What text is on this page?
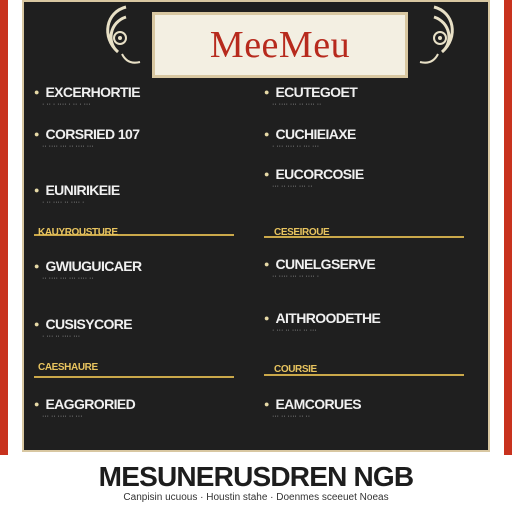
MeeMeu
● EXCERHORTIE
· ·· · ···· · ·· · ···
● CORSRIED 107
·· ···· ··· ·· ···· ···
● EUNIRIKEIE
· ·· ···· ·· ···· ·
KAUYROUSTURE
● GWIUGUICAER
·· ···· ··· ··· ···· ··
● CUSISYCORE
· ··· ·· ···· ···
CAESHAURE
● EAGGRORIED
··· ·· ···· ·· ···
● ECUTEGOET
·· ···· ··· ·· ···· ··
● CUCHIEIAXE
· ··· ···· ·· ··· ···
● EUCORCOSIE
··· ·· ···· ··· ··
CESEIROUE
● CUNELGSERVE
·· ···· ··· ·· ···· ·
● AITHROODETHE
· ··· ·· ···· ·· ···
COURSIE
● EAMCORUES
··· ·· ···· ·· ··
MESUNERUSDREN NGB
Canpisin ucuous · Houstin stahe · Doenmes sceeuet Noeas
